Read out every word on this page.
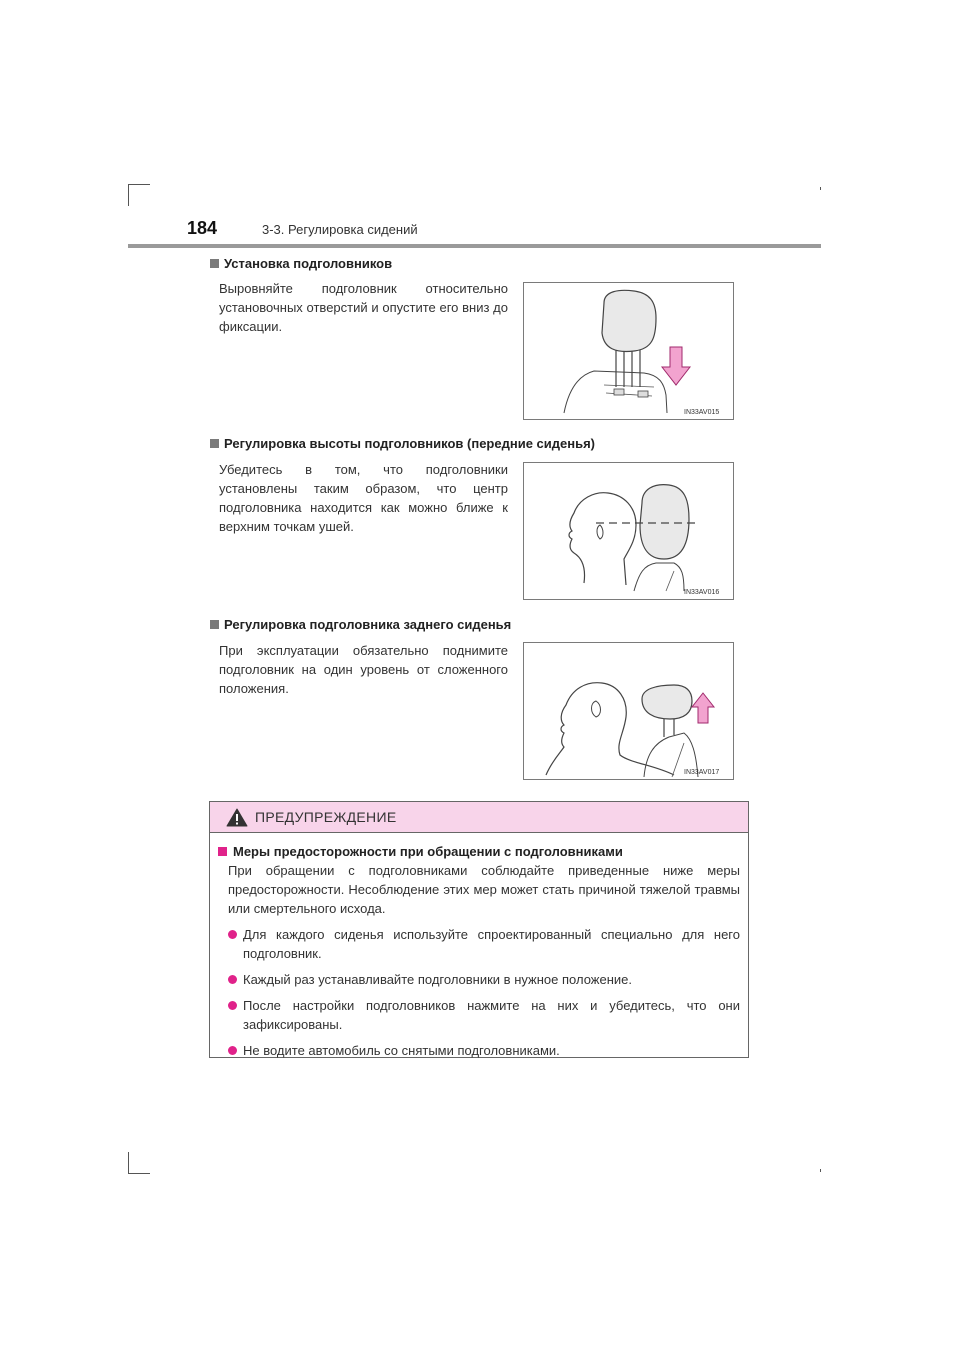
184	3-3. Регулировка сидений
Установка подголовников
Выровняйте подголовник относительно установочных отверстий и опустите его вниз до фиксации.
IN33AV015
Регулировка высоты подголовников (передние сиденья)
Убедитесь в том, что подголовники установлены таким образом, что центр подголовника находится как можно ближе к верхним точкам ушей.
IN33AV016
Регулировка подголовника заднего сиденья
При эксплуатации обязательно поднимите подголовник на один уровень от сложенного положения.
IN33AV017
ПРЕДУПРЕЖДЕНИЕ
Меры предосторожности при обращении с подголовниками
При обращении с подголовниками соблюдайте приведенные ниже меры предосторожности. Несоблюдение этих мер может стать причиной тяжелой травмы или смертельного исхода.
Для каждого сиденья используйте спроектированный специально для него подголовник.
Каждый раз устанавливайте подголовники в нужное положение.
После настройки подголовников нажмите на них и убедитесь, что они зафиксированы.
Не водите автомобиль со снятыми подголовниками.
